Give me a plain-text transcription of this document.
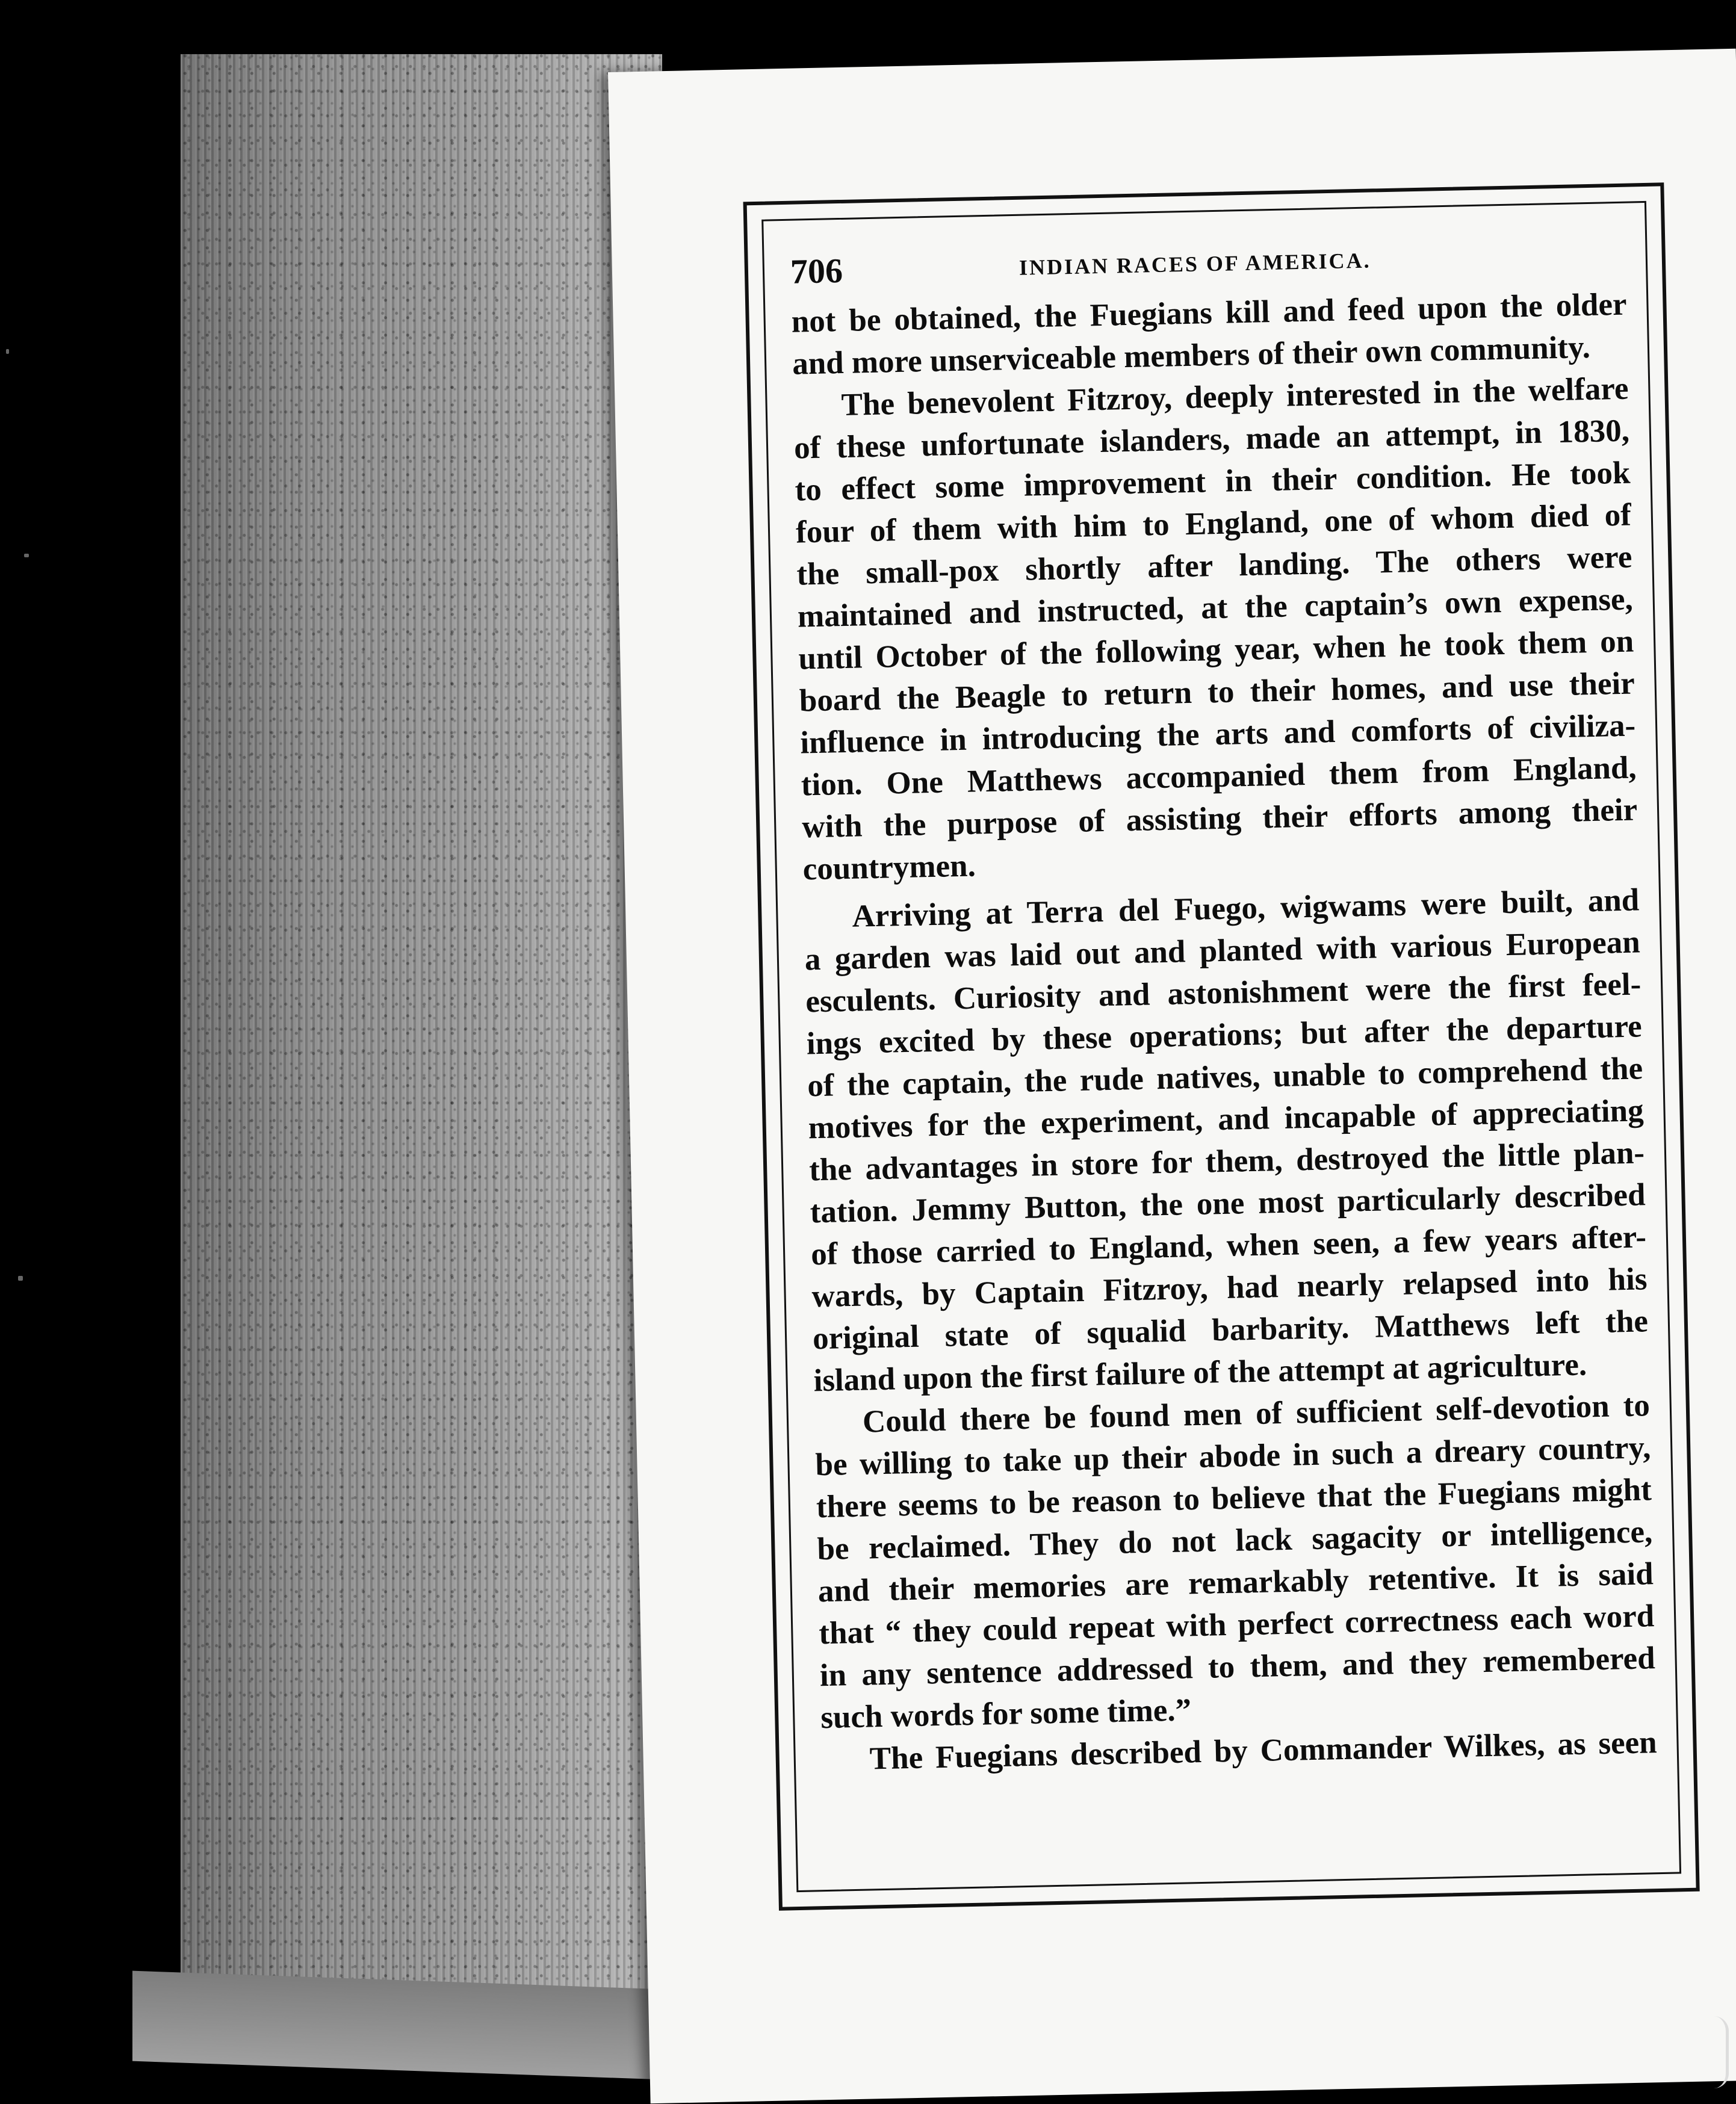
706	INDIAN RACES OF AMERICA.
not be obtained, the Fuegians kill and feed upon the older
and more unserviceable members of their own community.
The benevolent Fitzroy, deeply interested in the welfare
of these unfortunate islanders, made an attempt, in 1830,
to effect some improvement in their condition. He took
four of them with him to England, one of whom died of
the small-pox shortly after landing. The others were
maintained and instructed, at the captain’s own expense,
until October of the following year, when he took them on
board the Beagle to return to their homes, and use their
influence in introducing the arts and comforts of civiliza-
tion. One Matthews accompanied them from England,
with the purpose of assisting their efforts among their
countrymen.
Arriving at Terra del Fuego, wigwams were built, and
a garden was laid out and planted with various European
esculents. Curiosity and astonishment were the first feel-
ings excited by these operations; but after the departure
of the captain, the rude natives, unable to comprehend the
motives for the experiment, and incapable of appreciating
the advantages in store for them, destroyed the little plan-
tation. Jemmy Button, the one most particularly described
of those carried to England, when seen, a few years after-
wards, by Captain Fitzroy, had nearly relapsed into his
original state of squalid barbarity. Matthews left the
island upon the first failure of the attempt at agriculture.
Could there be found men of sufficient self-devotion to
be willing to take up their abode in such a dreary country,
there seems to be reason to believe that the Fuegians might
be reclaimed. They do not lack sagacity or intelligence,
and their memories are remarkably retentive. It is said
that “ they could repeat with perfect correctness each word
in any sentence addressed to them, and they remembered
such words for some time.”
The Fuegians described by Commander Wilkes, as seen
